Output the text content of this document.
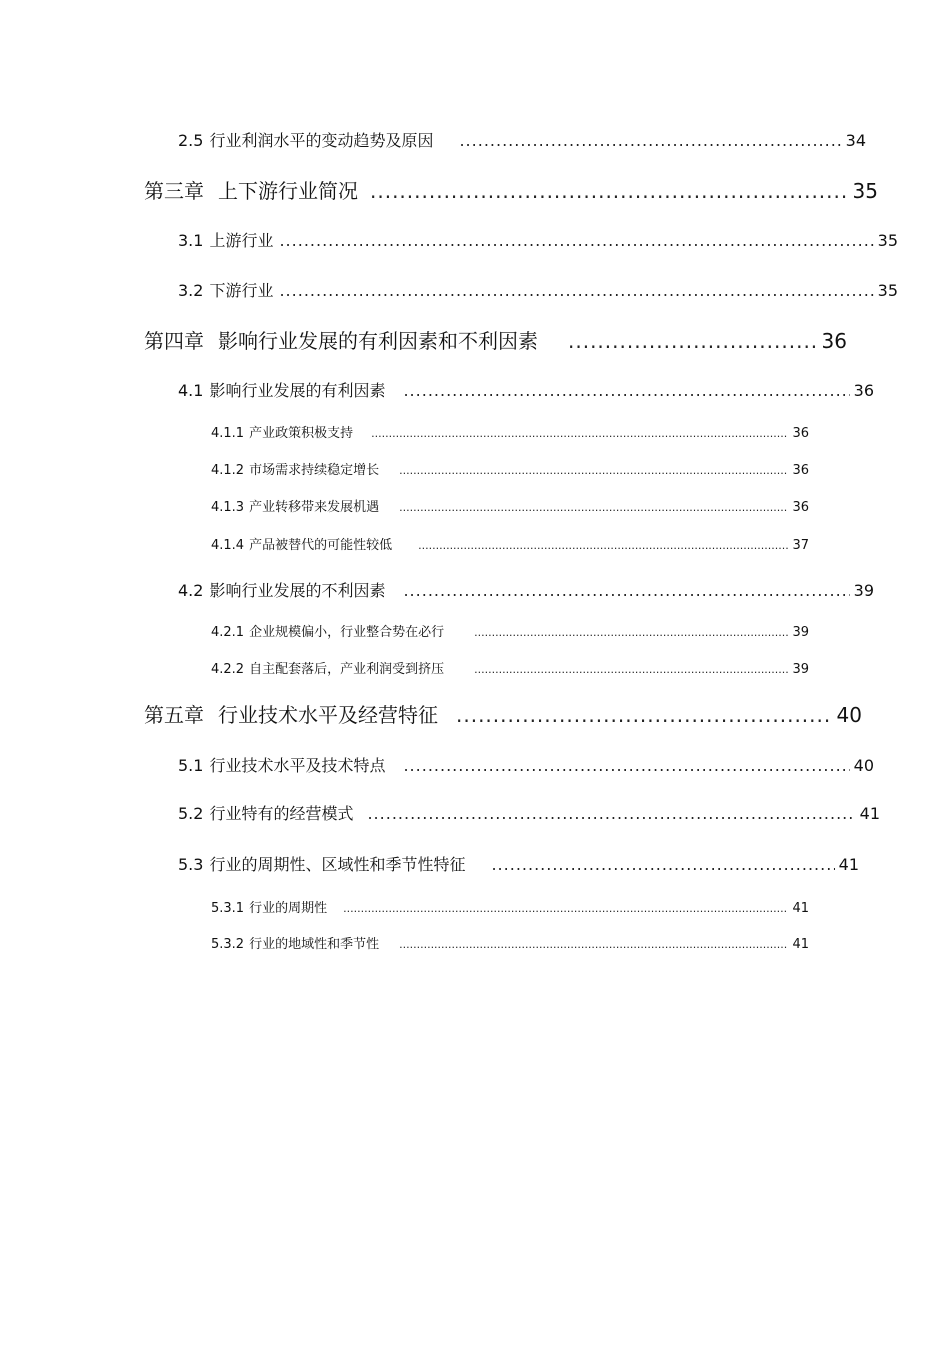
2.5 行业利润水平的变动趋势及原因 .....	34
第三章 上下游行业简况 .....	35
3.1 上游行业 .....	35
3.2 下游行业 .....	35
第四章 影响行业发展的有利因素和不利因素 .....	36
4.1 影响行业发展的有利因素 .....	36
4.1.1 产业政策积极支持 .....	36
4.1.2 市场需求持续稳定增长 .....	36
4.1.3 产业转移带来发展机遇 .....	36
4.1.4 产品被替代的可能性较低 .....	37
4.2 影响行业发展的不利因素 .....	39
4.2.1 企业规模偏小，行业整合势在必行 .....	39
4.2.2 自主配套落后，产业利润受到挤压 .....	39
第五章 行业技术水平及经营特征 .....	40
5.1 行业技术水平及技术特点 .....	40
5.2 行业特有的经营模式 .....	41
5.3 行业的周期性、区域性和季节性特征 .....	41
5.3.1 行业的周期性 .....	41
5.3.2 行业的地域性和季节性 .....	41
